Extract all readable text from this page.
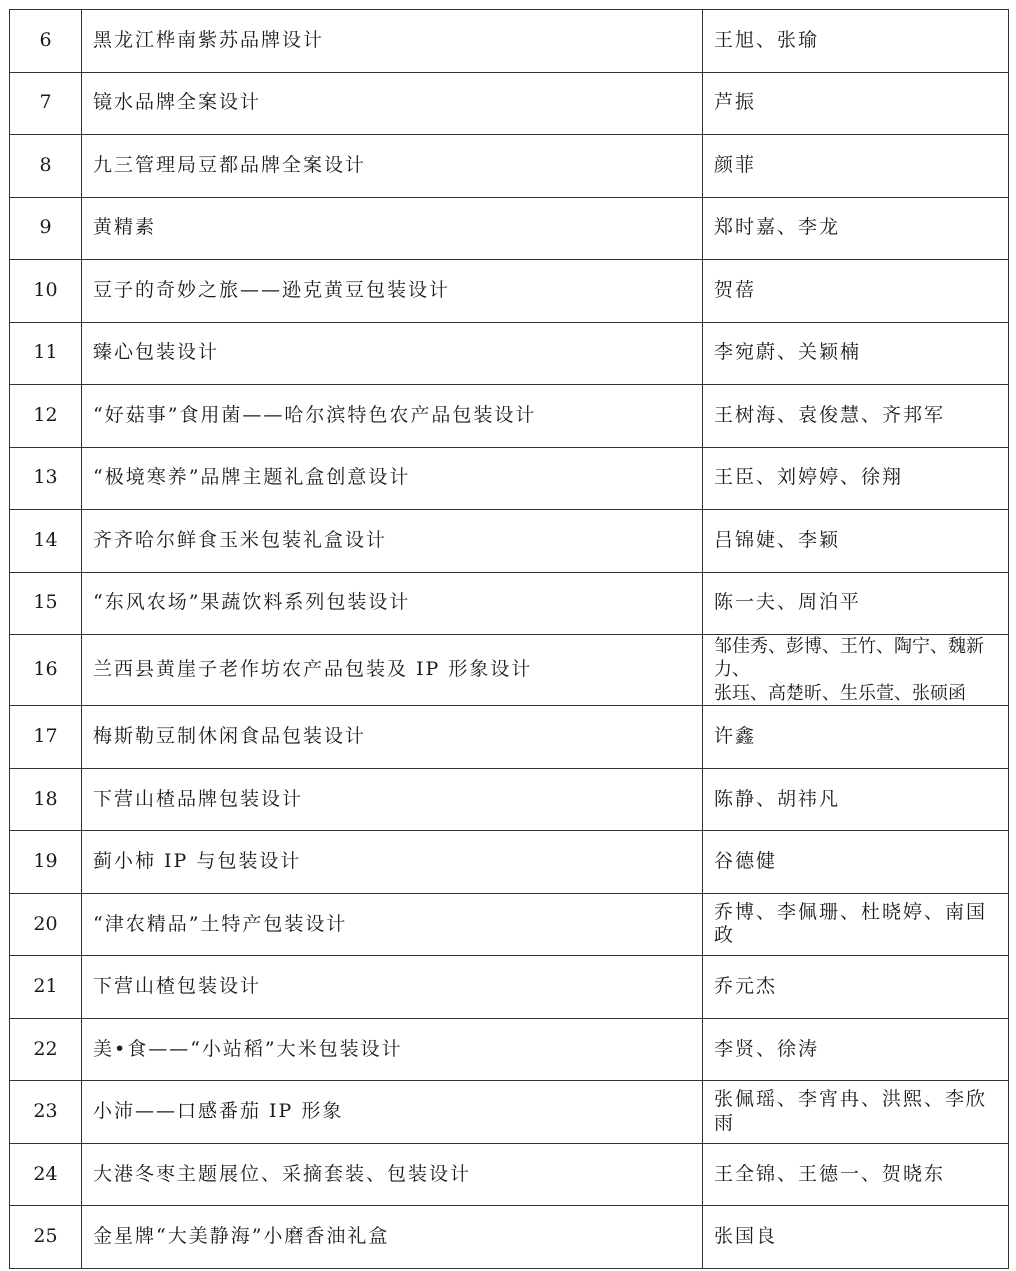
6	黑龙江桦南紫苏品牌设计	王旭、张瑜
7	镜水品牌全案设计	芦振
8	九三管理局豆都品牌全案设计	颜菲
9	黄精素	郑时嘉、李龙
10	豆子的奇妙之旅——逊克黄豆包装设计	贺蓓
11	臻心包装设计	李宛蔚、关颖楠
12	“好菇事”食用菌——哈尔滨特色农产品包装设计	王树海、袁俊慧、齐邦军
13	“极境寒养”品牌主题礼盒创意设计	王臣、刘婷婷、徐翔
14	齐齐哈尔鲜食玉米包装礼盒设计	吕锦婕、李颖
15	“东风农场”果蔬饮料系列包装设计	陈一夫、周泊平
16	兰西县黄崖子老作坊农产品包装及 IP 形象设计	邹佳秀、彭博、王竹、陶宁、魏新力、
张珏、高楚昕、生乐萱、张硕函

17	梅斯勒豆制休闲食品包装设计	许鑫
18	下营山楂品牌包装设计	陈静、胡祎凡
19	蓟小柿 IP 与包装设计	谷德健
20	“津农精品”土特产包装设计	乔博、李佩珊、杜晓婷、南国政
21	下营山楂包装设计	乔元杰
22	美•食——“小站稻”大米包装设计	李贤、徐涛
23	小沛——口感番茄 IP 形象	张佩瑶、李宵冉、洪熙、李欣雨
24	大港冬枣主题展位、采摘套装、包装设计	王全锦、王德一、贺晓东
25	金星牌“大美静海”小磨香油礼盒	张国良
